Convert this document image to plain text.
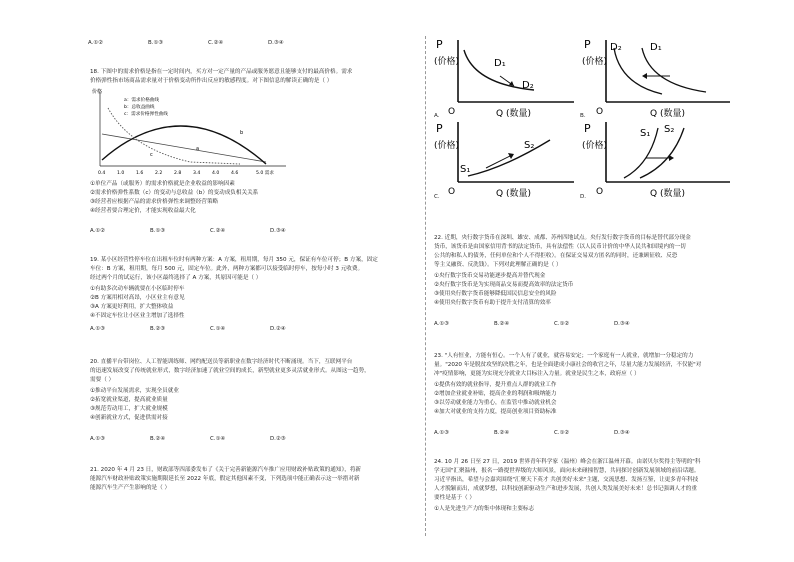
A.①②	B.①③	C.②④	D.③④
18. 下图中的需求价格是指在一定时间内，买方对一定产量的产品或服务愿意且能够支付的最高价格。需求
价格弹性指市场商品需求量对于价格变动所作出反应的敏感程度。对下图信息的解读正确的是（ ）
价格
a：需求价格曲线
b：总收益曲线
c：需求价格弹性曲线
b
a
c
0.4	1.0	1.6	2.2	2.8	3.4	4.0	4.6	5.0 需求
①单位产品（或服务）的需求价格就是企业收益的影响因素
②需求价格弹性系数（c）的变动与总收益（b）的变动成负相关关系
③经营者应根据产品的需求价格弹性来调整经营策略
④经营者要合理定价，才能实现收益最大化
A.①②	B.①③	C.②④	D.③④
19. 某小区经营性停车位在出租车位时有两种方案：A 方案，租用期，每月 350 元，保证有车位可停；B 方案，固定
车位：B 方案，租用期，每月 500 元，固定车位。此外，两种方案都可以接受临时停车，按每小时 3 元收费。
经过两个月的试运行，该小区最终选择了 A 方案，其原因可能是（ ）
①有助多次动车辆就要在小区临时停车
②B 方案用相对高昂，小区业主有意见
③A 方案更好利用，扩大整体收益
④不固定车位让小区业主增加了选择性
A.①③	B.②③	C.①④	D.②④
20. 直播平台带岗位、人工智能训练师、网约配送员等新职业在数字经济时代不断涌现。当下，互联网平台
的迅速发展改变了传统就业形式，数字经济加速了就业空间的成长，新型就业更多灵活就业形式。从图这一趋势，
需要（ ）
①推动平台发展需求，实现全员就业
②拓宽就业渠道，提高就业质量
③规范劳动用工，扩大就业规模
④创新就业方式，促进供需对接
A.①③	B.②④	C.①④	D.②③
21. 2020 年 4 月 23 日，财政部等四部委发布了《关于完善新能源汽车推广应用财政补贴政策的通知》，将新
能源汽车财政补贴政策实施期限延长至 2022 年底，假定其他因素不变，下列选项中能正确表示这一举措对新
能源汽车生产产生影响的是（ ）
P
(价格)	D₁
D₂
O	Q (数量)
A.
P
(价格)
D₂	D₁
O	Q (数量)
B.
P
(价格)
S₁
S₂
O	Q (数量)
C.
P
(价格)
S₁ S₂
O	Q (数量)
D.
22. 近期，央行数字货币在深圳、雄安、成都、苏州四地试点。央行发行数字货币的目标是替代部分现金
货币，该货币是由国家信用背书的法定货币，具有法偿性（以人民币计价的中华人民共和国境内的一切
公共的和私人的债务，任何单位和个人不得拒收）。在保证交易双方匿名的同时，还兼顾征收、反恐
等主义融资、反洗钱）。下列对此理解正确的是（ ）
①央行数字货币交易功能逐步提高并替代现金
②央行数字货币是为实现商品交易而提高效率的法定货币
③使用央行数字货币能够降低国民信息安全的风险
④使用央行数字货币有助于提升支付清算的效率
A.①③	B.②④	C.①②	D.③④
23. "人有恒业，方能有恒心。一个人有了就业，就容易安定；一个家庭有一人就业，就增加一分稳定的力
量。"2020 年是脱贫攻坚的决胜之年，也是全面建成小康社会的收官之年，尽量大能力发展经济，不仅能"对
冲"疫情影响，更能为实现充分就业大目标注入力量。就业是民生之本，政府应（ ）
①提供有效的就业指导，提升重点人群的就业工作
②增加企业就业补贴，提高企业的利润和吸纳能力
③以劳动就业能力为重心，在监管中推动就业机会
④加大对就业的支持力度，提高创业项目资助标准
A.①③	B.②④	C.①②	D.③④
24. 10 月 26 日至 27 日，2019 世界青年科学家（温州）峰会在浙江温州开幕。由诺贝尔奖得主等明的"科
学无国"汇聚温州，报名一路提世界级的大师风景，面向未来碰撞智慧，共同探讨创新发展领域的前沿话题。
习近平指出，希望与会嘉宾围绕"汇聚天下英才 共创美好未来"主题，交流思想、发扬互鉴，让更多青年科技
人才脱颖而出，成就梦想，以科技创新驱动生产和进步发展，共创人类发展美好未来！总书记强调人才的重
要性是基于（ ）
①人是先进生产力的集中体现和主要标志
